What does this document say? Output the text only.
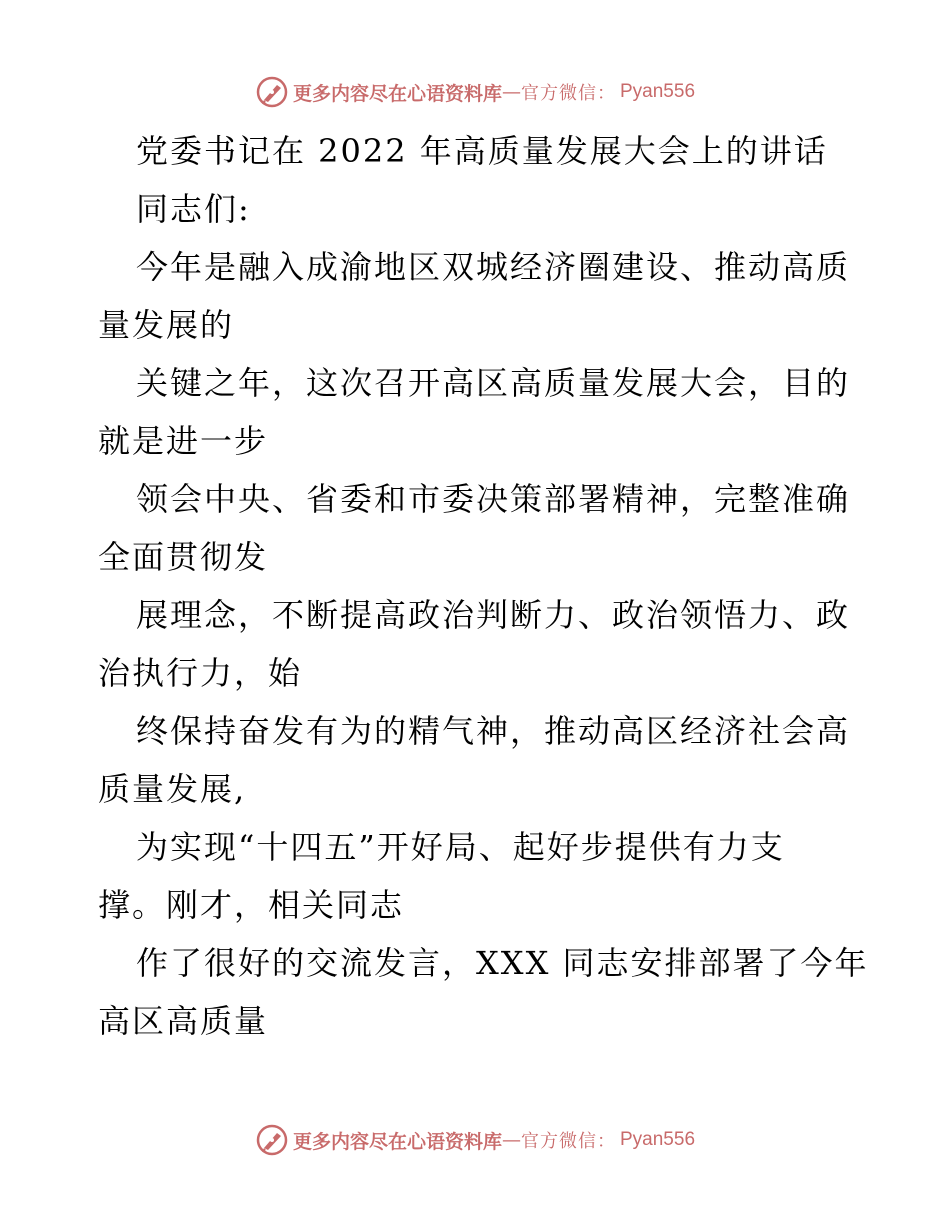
更多内容尽在心语资料库 — 官方微信： Pyan556
党委书记在 2022 年高质量发展大会上的讲话
同志们:
今年是融入成渝地区双城经济圈建设、推动高质
量发展的
关键之年，这次召开高区高质量发展大会，目的
就是进一步
领会中央、省委和市委决策部署精神，完整准确
全面贯彻发
展理念，不断提高政治判断力、政治领悟力、政
治执行力，始
终保持奋发有为的精气神，推动高区经济社会高
质量发展,
为实现“十四五”开好局、起好步提供有力支
撑。刚才，相关同志
作了很好的交流发言，XXX 同志安排部署了今年
高区高质量
更多内容尽在心语资料库 — 官方微信： Pyan556
